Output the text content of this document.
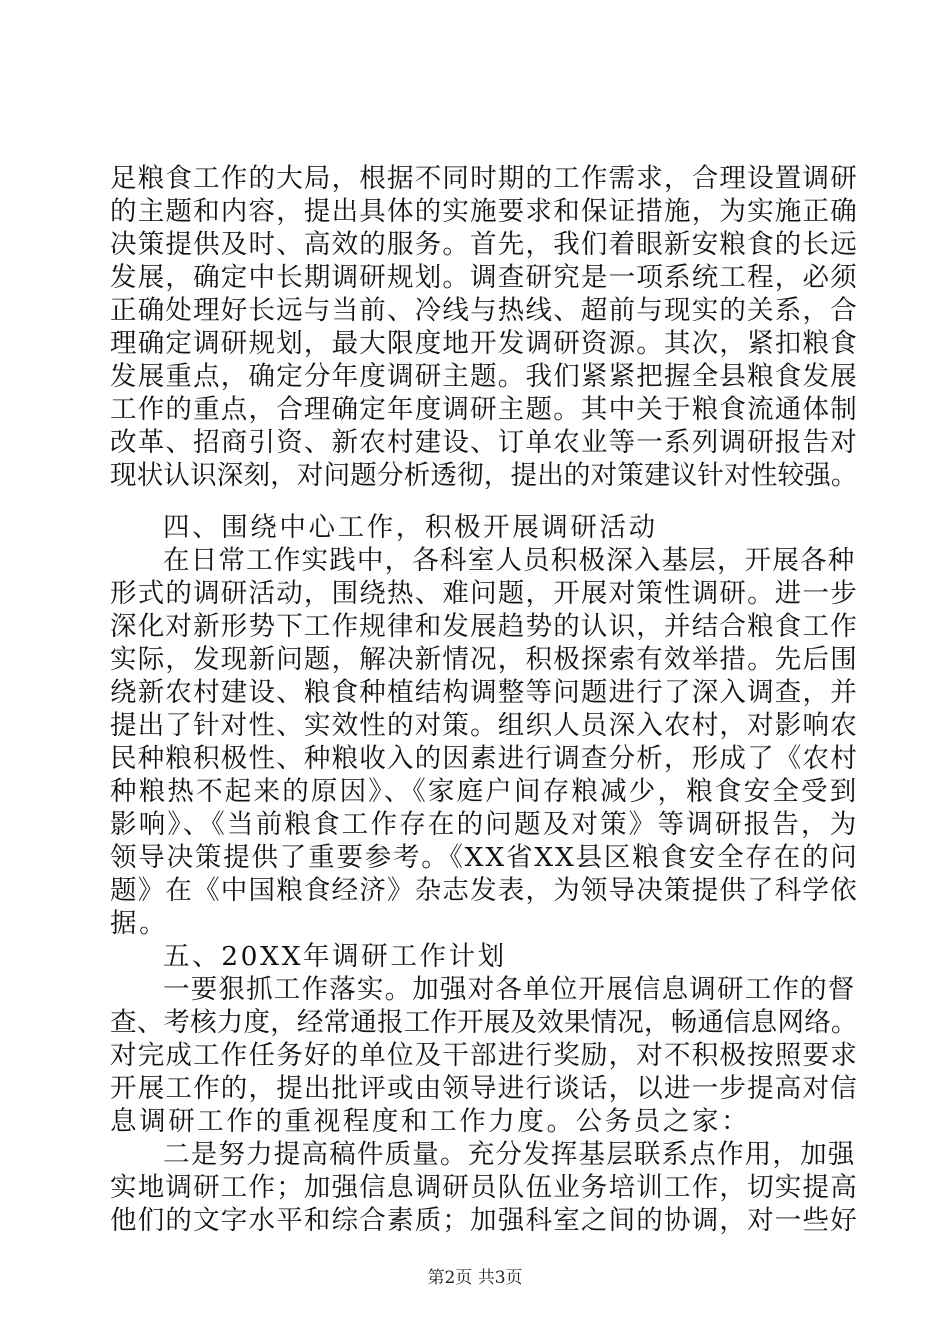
足粮食工作的大局，根据不同时期的工作需求，合理设置调研
的主题和内容，提出具体的实施要求和保证措施，为实施正确
决策提供及时、高效的服务。首先，我们着眼新安粮食的长远
发展，确定中长期调研规划。调查研究是一项系统工程，必须
正确处理好长远与当前、冷线与热线、超前与现实的关系，合
理确定调研规划，最大限度地开发调研资源。其次，紧扣粮食
发展重点，确定分年度调研主题。我们紧紧把握全县粮食发展
工作的重点，合理确定年度调研主题。其中关于粮食流通体制
改革、招商引资、新农村建设、订单农业等一系列调研报告对
现状认识深刻，对问题分析透彻，提出的对策建议针对性较强。
四、围绕中心工作，积极开展调研活动
在日常工作实践中，各科室人员积极深入基层，开展各种
形式的调研活动，围绕热、难问题，开展对策性调研。进一步
深化对新形势下工作规律和发展趋势的认识，并结合粮食工作
实际，发现新问题，解决新情况，积极探索有效举措。先后围
绕新农村建设、粮食种植结构调整等问题进行了深入调查，并
提出了针对性、实效性的对策。组织人员深入农村，对影响农
民种粮积极性、种粮收入的因素进行调查分析，形成了《农村
种粮热不起来的原因》、《家庭户间存粮减少，粮食安全受到
影响》、《当前粮食工作存在的问题及对策》等调研报告，为
领导决策提供了重要参考。《XX省XX县区粮食安全存在的问
题》在《中国粮食经济》杂志发表，为领导决策提供了科学依
据。
五、20XX年调研工作计划
一要狠抓工作落实。加强对各单位开展信息调研工作的督
查、考核力度，经常通报工作开展及效果情况，畅通信息网络。
对完成工作任务好的单位及干部进行奖励，对不积极按照要求
开展工作的，提出批评或由领导进行谈话，以进一步提高对信
息调研工作的重视程度和工作力度。公务员之家：
二是努力提高稿件质量。充分发挥基层联系点作用，加强
实地调研工作；加强信息调研员队伍业务培训工作，切实提高
他们的文字水平和综合素质；加强科室之间的协调，对一些好
第2页 共3页
